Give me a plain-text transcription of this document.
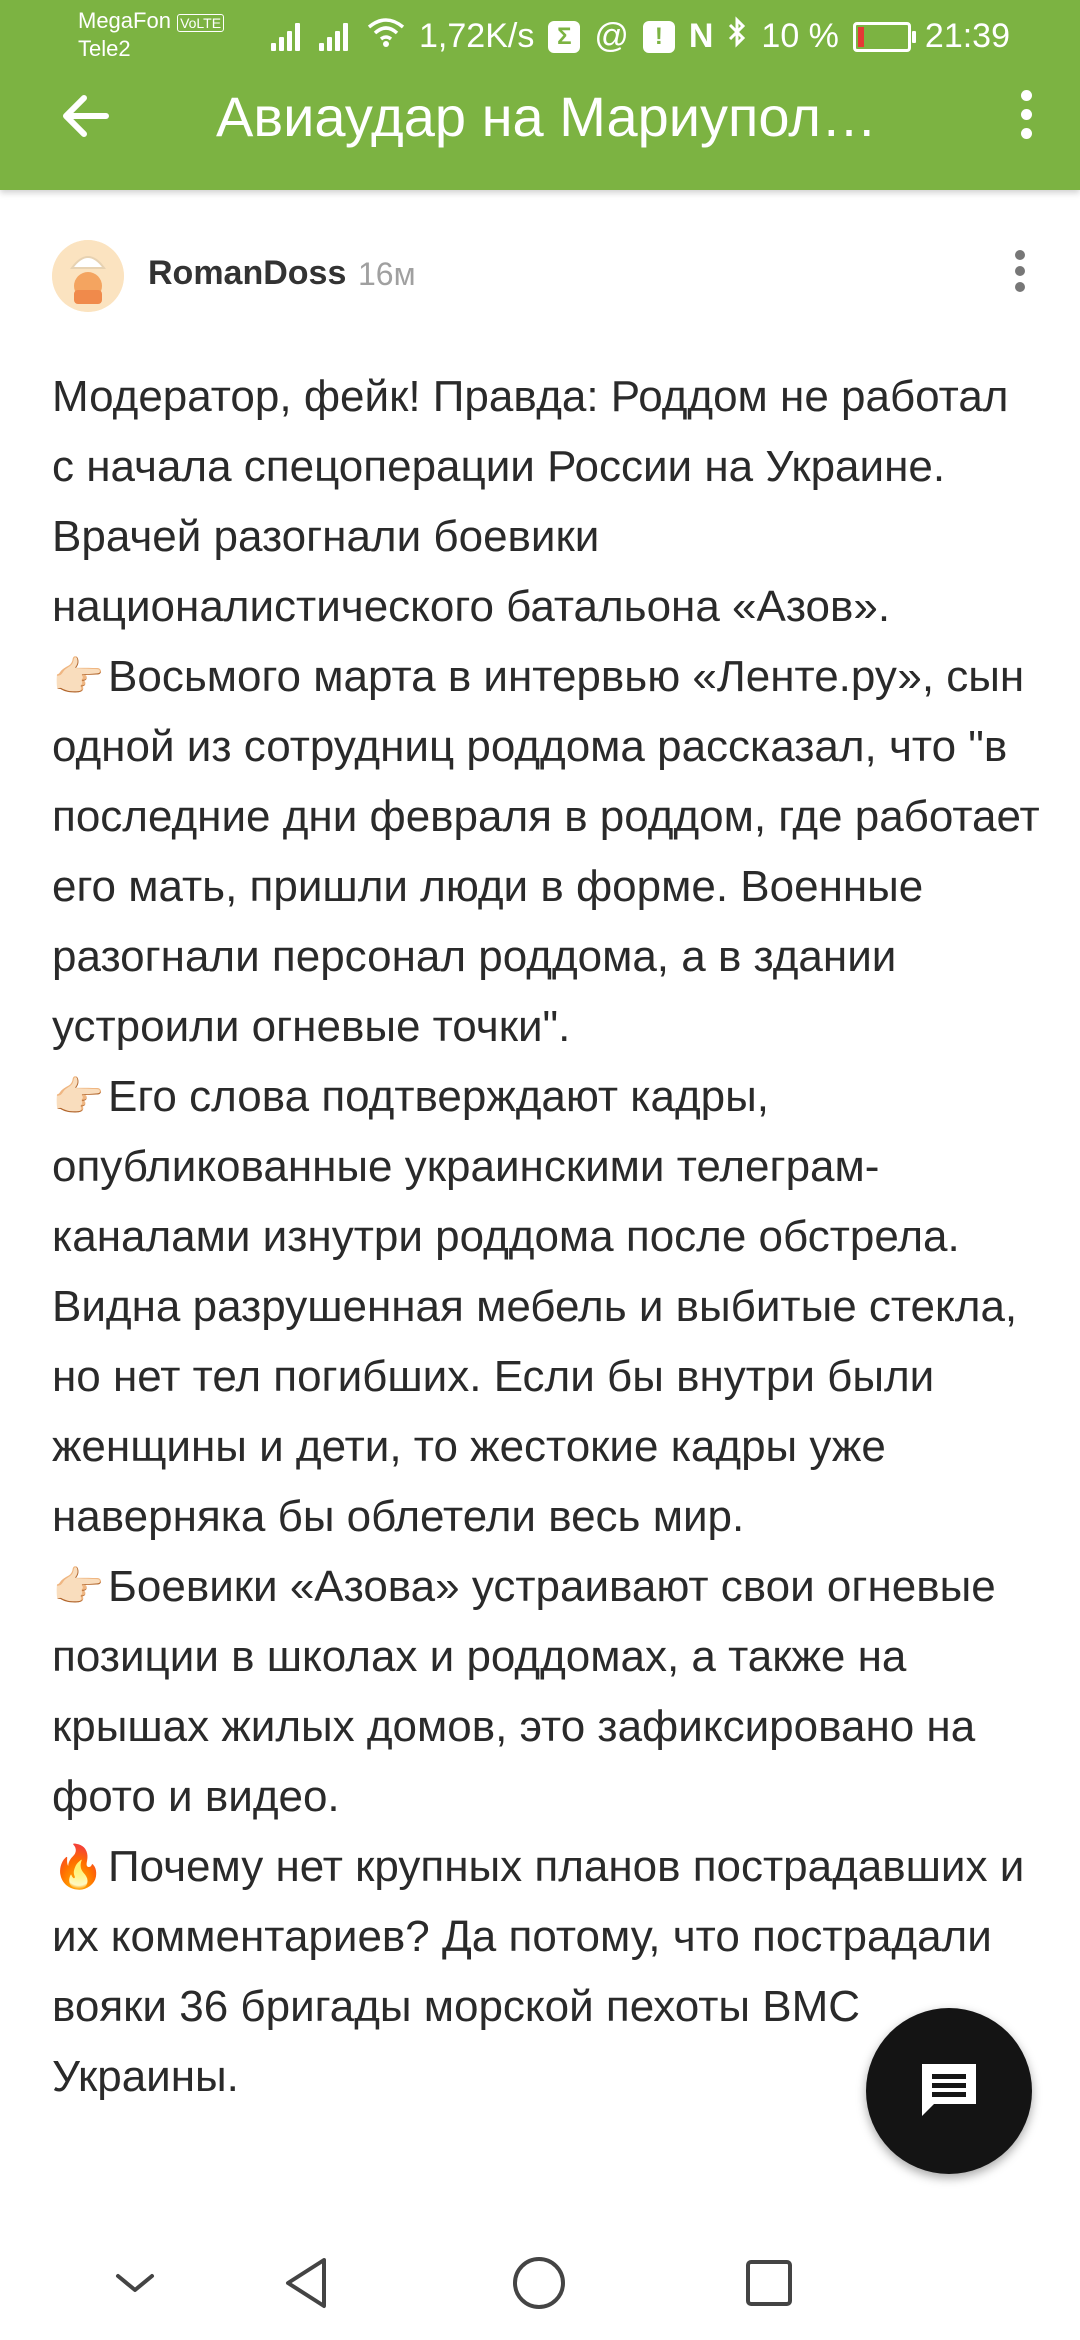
MegaFon VoLTE
Tele2	1,72K/s Σ @	! N 10 %	21:39
Авиаудар на Мариупол…
RomanDoss 16м

Модератор, фейк! Правда: Роддом не работал с начала спецоперации России на Украине. Врачей разогнали боевики националистического батальона «Азов».

👉🏻Восьмого марта в интервью «Ленте.ру», сын одной из сотрудниц роддома рассказал, что "в последние дни февраля в роддом, где работает его мать, пришли люди в форме. Военные разогнали персонал роддома, а в здании устроили огневые точки".

👉🏻Его слова подтверждают кадры, опубликованные украинскими телеграм-каналами изнутри роддома после обстрела. Видна разрушенная мебель и выбитые стекла, но нет тел погибших. Если бы внутри были женщины и дети, то жестокие кадры уже наверняка бы облетели весь мир.

👉🏻Боевики «Азова» устраивают свои огневые позиции в школах и роддомах, а также на крышах жилых домов, это зафиксировано на фото и видео.

🔥Почему нет крупных планов пострадавших и их комментариев? Да потому, что пострадали вояки 36 бригады морской пехоты ВМС Украины.
